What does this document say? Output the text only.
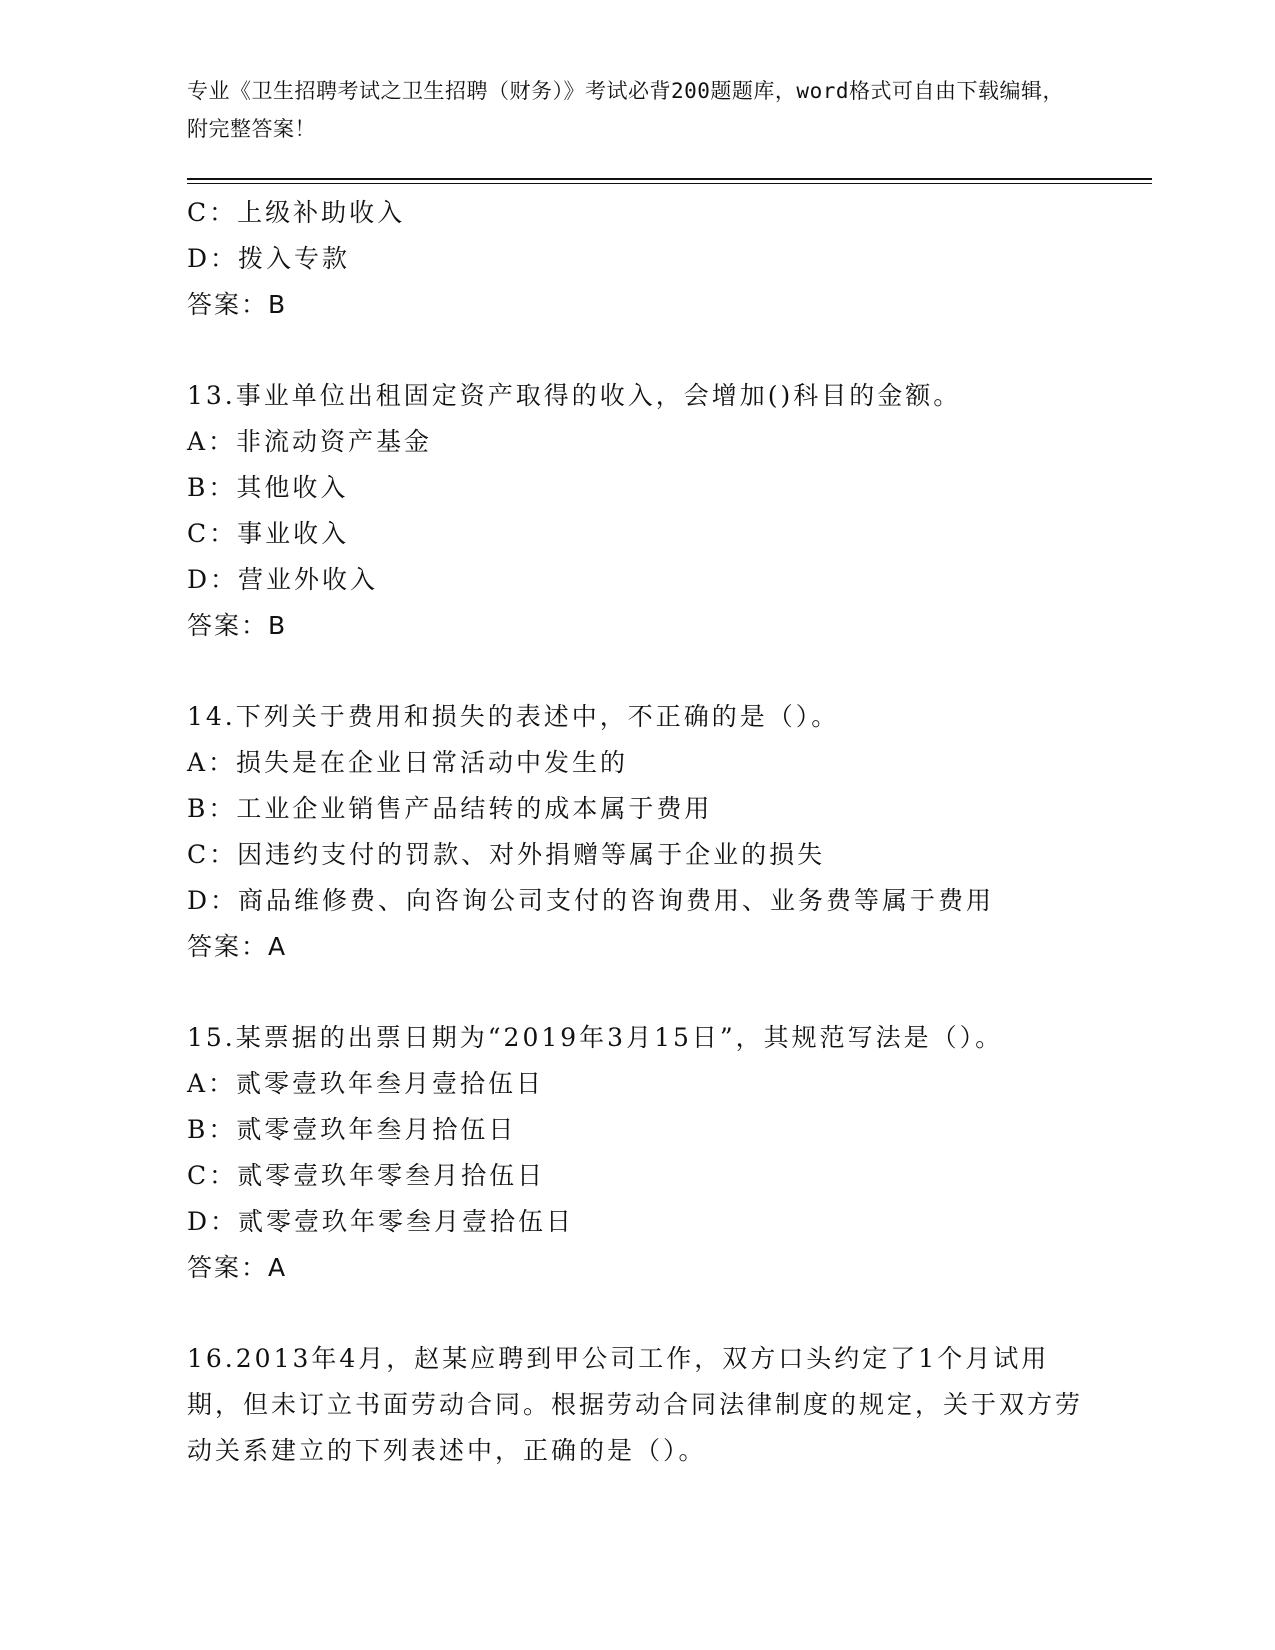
专业《卫生招聘考试之卫生招聘（财务）》考试必背200题题库，word格式可自由下载编辑，附完整答案！
C：上级补助收入
D：拨入专款
答案：B
13.事业单位出租固定资产取得的收入，会增加()科目的金额。
A：非流动资产基金
B：其他收入
C：事业收入
D：营业外收入
答案：B
14.下列关于费用和损失的表述中，不正确的是（）。
A：损失是在企业日常活动中发生的
B：工业企业销售产品结转的成本属于费用
C：因违约支付的罚款、对外捐赠等属于企业的损失
D：商品维修费、向咨询公司支付的咨询费用、业务费等属于费用
答案：A
15.某票据的出票日期为“2019年3月15日”，其规范写法是（）。
A：贰零壹玖年叁月壹拾伍日
B：贰零壹玖年叁月拾伍日
C：贰零壹玖年零叁月拾伍日
D：贰零壹玖年零叁月壹拾伍日
答案：A
16.2013年4月，赵某应聘到甲公司工作，双方口头约定了1个月试用期，但未订立书面劳动合同。根据劳动合同法律制度的规定，关于双方劳动关系建立的下列表述中，正确的是（）。
